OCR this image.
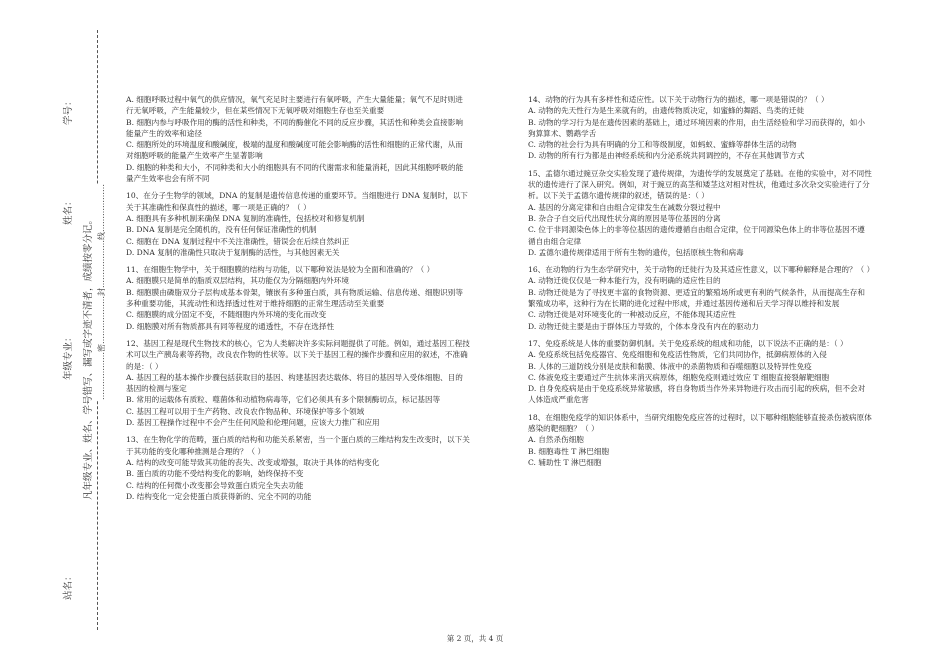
学号：
姓名：
年级专业：
站名：
凡年级专业、姓名、学号错写、漏写或字迹不清者，成绩按零分记。 ………………密………………封………………线………………

A. 细胞呼吸过程中氧气的供应情况，氧气充足时主要进行有氧呼吸，产生大量能量；氧气不足时则进行无氧呼吸，产生能量较少，但在某些情况下无氧呼吸对细胞生存也至关重要

B. 细胞内参与呼吸作用的酶的活性和种类，不同的酶催化不同的反应步骤，其活性和种类会直接影响能量产生的效率和途径

C. 细胞所处的环境温度和酸碱度，极端的温度和酸碱度可能会影响酶的活性和细胞的正常代谢，从而对细胞呼吸的能量产生效率产生显著影响

D. 细胞的种类和大小，不同种类和大小的细胞具有不同的代谢需求和能量消耗，因此其细胞呼吸的能量产生效率也会有所不同

10、在分子生物学的领域，DNA 的复制是遗传信息传递的重要环节。当细胞进行 DNA 复制时，以下关于其准确性和保真性的描述，哪一项是正确的？（ ）

A. 细胞具有多种机制来确保 DNA 复制的准确性，包括校对和修复机制

B. DNA 复制是完全随机的，没有任何保证准确性的机制

C. 细胞在 DNA 复制过程中不关注准确性，错误会在后续自然纠正

D. DNA 复制的准确性只取决于复制酶的活性，与其他因素无关

11、在细胞生物学中，关于细胞膜的结构与功能，以下哪种说法是较为全面和准确的？（ ）

A. 细胞膜只是简单的脂质双层结构，其功能仅为分隔细胞内外环境

B. 细胞膜由磷脂双分子层构成基本骨架，镶嵌有多种蛋白质，具有物质运输、信息传递、细胞识别等多种重要功能，其流动性和选择透过性对于维持细胞的正常生理活动至关重要

C. 细胞膜的成分固定不变，不随细胞内外环境的变化而改变

D. 细胞膜对所有物质都具有同等程度的通透性，不存在选择性

12、基因工程是现代生物技术的核心，它为人类解决许多实际问题提供了可能。例如，通过基因工程技术可以生产胰岛素等药物，改良农作物的性状等。以下关于基因工程的操作步骤和应用的叙述，不准确的是：（ ）

A. 基因工程的基本操作步骤包括获取目的基因、构建基因表达载体、将目的基因导入受体细胞、目的基因的检测与鉴定

B. 常用的运载体有质粒、噬菌体和动植物病毒等，它们必须具有多个限制酶切点，标记基因等

C. 基因工程可以用于生产药物、改良农作物品种、环境保护等多个领域

D. 基因工程操作过程中不会产生任何风险和伦理问题，应该大力推广和应用

13、在生物化学的范畴，蛋白质的结构和功能关系紧密，当一个蛋白质的三维结构发生改变时，以下关于其功能的变化哪种推测是合理的？（ ）

A. 结构的改变可能导致其功能的丧失、改变或增强，取决于具体的结构变化

B. 蛋白质的功能不受结构变化的影响，始终保持不变

C. 结构的任何微小改变都会导致蛋白质完全失去功能

D. 结构变化一定会使蛋白质获得新的、完全不同的功能

14、动物的行为具有多样性和适应性。以下关于动物行为的描述，哪一项是错误的？（ ）

A. 动物的先天性行为是生来就有的，由遗传物质决定，如蜜蜂的舞蹈、鸟类的迁徙

B. 动物的学习行为是在遗传因素的基础上，通过环境因素的作用，由生活经验和学习而获得的，如小狗算算术、鹦鹉学舌

C. 动物的社会行为具有明确的分工和等级制度，如蚂蚁、蜜蜂等群体生活的动物

D. 动物的所有行为都是由神经系统和内分泌系统共同调控的，不存在其他调节方式

15、孟德尔通过豌豆杂交实验发现了遗传规律，为遗传学的发展奠定了基础。在他的实验中，对不同性状的遗传进行了深入研究。例如，对于豌豆的高茎和矮茎这对相对性状，他通过多次杂交实验进行了分析。以下关于孟德尔遗传规律的叙述，错误的是：（ ）

A. 基因的分离定律和自由组合定律发生在减数分裂过程中

B. 杂合子自交后代出现性状分离的原因是等位基因的分离

C. 位于非同源染色体上的非等位基因的遗传遵循自由组合定律，位于同源染色体上的非等位基因不遵循自由组合定律

D. 孟德尔遗传规律适用于所有生物的遗传，包括原核生物和病毒

16、在动物的行为生态学研究中，关于动物的迁徙行为及其适应性意义，以下哪种解释是合理的？（ ）

A. 动物迁徙仅仅是一种本能行为，没有明确的适应性目的

B. 动物迁徙是为了寻找更丰富的食物资源、更适宜的繁殖场所或更有利的气候条件，从而提高生存和繁殖成功率，这种行为在长期的进化过程中形成，并通过基因传递和后天学习得以维持和发展

C. 动物迁徙是对环境变化的一种被动反应，不能体现其适应性

D. 动物迁徙主要是由于群体压力导致的，个体本身没有内在的驱动力

17、免疫系统是人体的重要防御机制。关于免疫系统的组成和功能，以下说法不正确的是：（ ）

A. 免疫系统包括免疫器官、免疫细胞和免疫活性物质，它们共同协作，抵御病原体的入侵

B. 人体的三道防线分别是皮肤和黏膜、体液中的杀菌物质和吞噬细胞以及特异性免疫

C. 体液免疫主要通过产生抗体来消灭病原体，细胞免疫则通过效应 T 细胞直接裂解靶细胞

D. 自身免疫病是由于免疫系统异常敏感，将自身物质当作外来异物进行攻击而引起的疾病，但不会对人体造成严重危害

18、在细胞免疫学的知识体系中，当研究细胞免疫应答的过程时，以下哪种细胞能够直接杀伤被病原体感染的靶细胞？（ ）

A. 自然杀伤细胞

B. 细胞毒性 T 淋巴细胞

C. 辅助性 T 淋巴细胞

第 2 页，共 4 页
